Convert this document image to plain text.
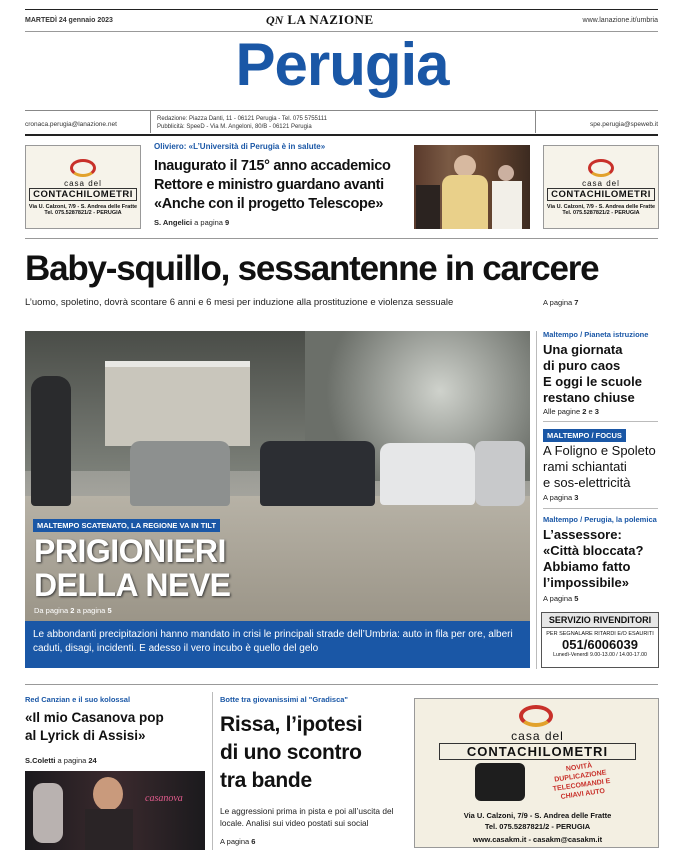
MARTEDÌ 24 gennaio 2023	QN LA NAZIONE	www.lanazione.it/umbria
Perugia
cronaca.perugia@lanazione.net
Redazione: Piazza Danti, 11 - 06121 Perugia - Tel. 075 5755111
Pubblicità: SpeeD - Via M. Angeloni, 80/B - 06121 Perugia	spe.perugia@speweb.it
casa del
CONTACHILOMETRI
Via U. Calzoni, 7/9 - S. Andrea delle Fratte
Tel. 075.5287821/2 - PERUGIA
casa del
CONTACHILOMETRI
Via U. Calzoni, 7/9 - S. Andrea delle Fratte
Tel. 075.5287821/2 - PERUGIA
Oliviero: «L’Università di Perugia è in salute»
Inaugurato il 715° anno accademico
Rettore e ministro guardano avanti
«Anche con il progetto Telescope»
S. Angelici a pagina 9
Baby-squillo, sessantenne in carcere
L’uomo, spoletino, dovrà scontare 6 anni e 6 mesi per induzione alla prostituzione e violenza sessuale	A pagina 7
MALTEMPO SCATENATO, LA REGIONE VA IN TILT
PRIGIONIERI
DELLA NEVE
Da pagina 2 a pagina 5
Le abbondanti precipitazioni hanno mandato in crisi le principali strade dell’Umbria: auto in fila per ore, alberi caduti, disagi, incidenti. E adesso il vero incubo è quello del gelo
Maltempo / Pianeta istruzione
Una giornata
di puro caos
E oggi le scuole
restano chiuse
Alle pagine 2 e 3
MALTEMPO / FOCUS
A Foligno e Spoleto
rami schiantati
e sos-elettricità
A pagina 3
Maltempo / Perugia, la polemica
L’assessore:
«Città bloccata?
Abbiamo fatto
l’impossibile»
A pagina 5
SERVIZIO RIVENDITORI
PER SEGNALARE RITARDI E/O ESAURITI
051/6006039
Lunedì-Venerdì 9.00-13.00 / 14.00-17.00
Red Canzian e il suo kolossal
«Il mio Casanova pop
al Lyrick di Assisi»
S.Coletti a pagina 24
casanova
Botte tra giovanissimi al "Gradisca"
Rissa, l’ipotesi
di uno scontro
tra bande
Le aggressioni prima in pista e poi all’uscita del locale. Analisi sui video postati sui social
A pagina 6
casa del
CONTACHILOMETRI
NOVITÀ DUPLICAZIONE TELECOMANDI E CHIAVI AUTO
Via U. Calzoni, 7/9 - S. Andrea delle Fratte
Tel. 075.5287821/2 - PERUGIA
www.casakm.it - casakm@casakm.it
